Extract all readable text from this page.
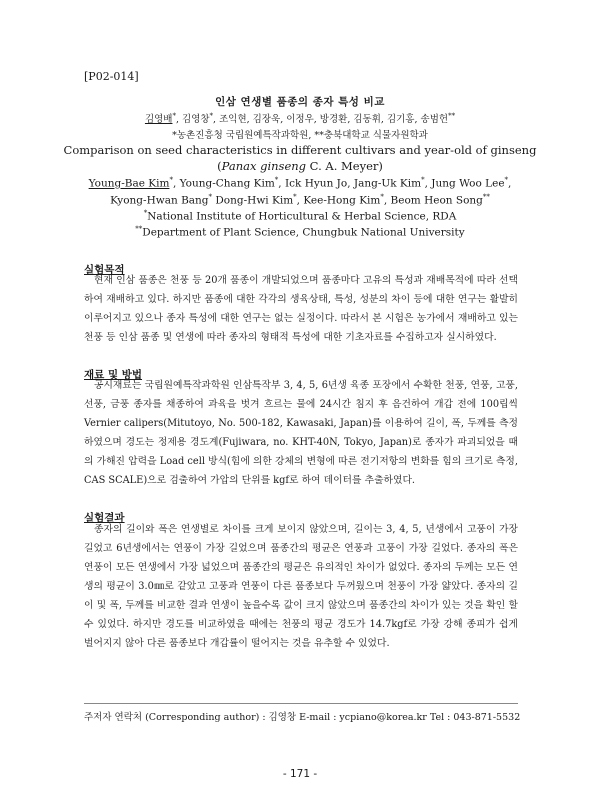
[P02-014]
인삼 연생별 품종의 종자 특성 비교
김영배*, 김영창*, 조익현, 김장욱, 이정우, 방경환, 김동휘, 김기홍, 송범헌**
*농촌진흥청 국립원예특작과학원, **충북대학교 식물자원학과
Comparison on seed characteristics in different cultivars and year-old of ginseng
(Panax ginseng C. A. Meyer)
Young-Bae Kim*, Young-Chang Kim*, Ick Hyun Jo, Jang-Uk Kim*, Jung Woo Lee*,
Kyong-Hwan Bang* Dong-Hwi Kim*, Kee-Hong Kim*, Beom Heon Song**
*National Institute of Horticultural & Herbal Science, RDA
**Department of Plant Science, Chungbuk National University
실험목적

현재 인삼 품종은 천풍 등 20개 품종이 개발되었으며 품종마다 고유의 특성과 재배목적에 따라 선택하여 재배하고 있다. 하지만 품종에 대한 각각의 생육상태, 특성, 성분의 차이 등에 대한 연구는 활발히 이루어지고 있으나 종자 특성에 대한 연구는 없는 실정이다. 따라서 본 시험은 농가에서 재배하고 있는 천풍 등 인삼 품종 및 연생에 따라 종자의 형태적 특성에 대한 기초자료를 수집하고자 실시하였다.

재료 및 방법

공시재료는 국립원예특작과학원 인삼특작부 3, 4, 5, 6년생 육종 포장에서 수확한 천풍, 연풍, 고풍, 선풍, 금풍 종자를 채종하여 과육을 벗겨 흐르는 물에 24시간 침지 후 음건하여 개갑 전에 100립씩 Vernier calipers(Mitutoyo, No. 500-182, Kawasaki, Japan)를 이용하여 길이, 폭, 두께를 측정하였으며 경도는 정제용 경도계(Fujiwara, no. KHT-40N, Tokyo, Japan)로 종자가 파괴되었을 때의 가해진 압력을 Load cell 방식(힘에 의한 강체의 변형에 따른 전기저항의 변화를 힘의 크기로 측정, CAS SCALE)으로 검출하여 가압의 단위를 kgf로 하여 데이터를 추출하였다.

실험결과

종자의 길이와 폭은 연생별로 차이를 크게 보이지 않았으며, 길이는 3, 4, 5, 년생에서 고풍이 가장 길었고 6년생에서는 연풍이 가장 길었으며 품종간의 평균은 연풍과 고풍이 가장 길었다. 종자의 폭은 연풍이 모든 연생에서 가장 넓었으며 품종간의 평균은 유의적인 차이가 없었다. 종자의 두께는 모든 연생의 평균이 3.0㎜로 같았고 고풍과 연풍이 다른 품종보다 두꺼웠으며 천풍이 가장 얇았다. 종자의 길이 및 폭, 두께를 비교한 결과 연생이 높을수록 값이 크지 않았으며 품종간의 차이가 있는 것을 확인 할 수 있었다. 하지만 경도를 비교하였을 때에는 천풍의 평균 경도가 14.7kgf로 가장 강해 종피가 쉽게 벌어지지 않아 다른 품종보다 개갑률이 떨어지는 것을 유추할 수 있었다.

주저자 연락처 (Corresponding author) : 김영창 E-mail : ycpiano@korea.kr Tel : 043-871-5532
- 171 -
